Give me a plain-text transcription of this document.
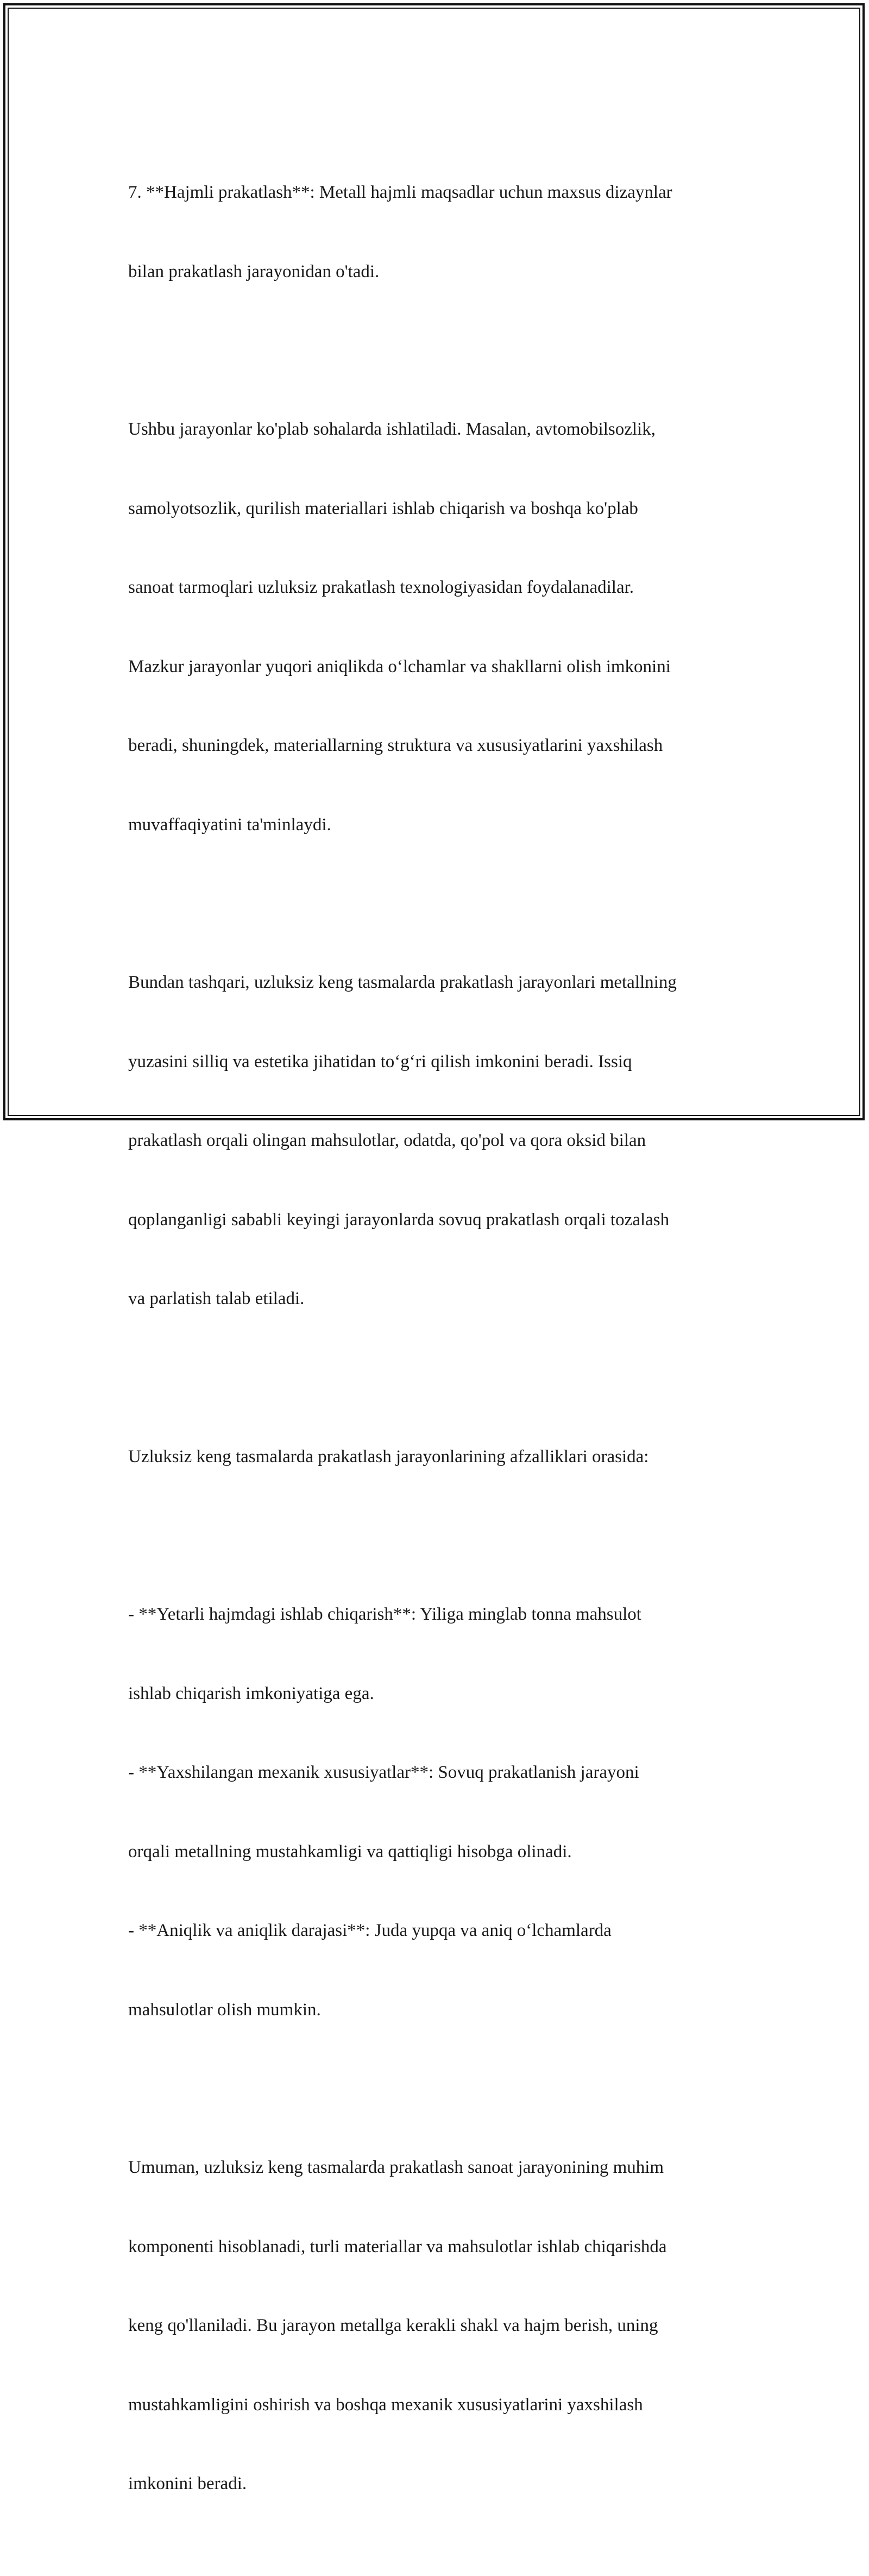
7. **Hajmli prakatlash**: Metall hajmli maqsadlar uchun maxsus dizaynlar

bilan prakatlash jarayonidan o'tadi.

Ushbu jarayonlar ko'plab sohalarda ishlatiladi. Masalan, avtomobilsozlik,

samolyotsozlik, qurilish materiallari ishlab chiqarish va boshqa ko'plab

sanoat tarmoqlari uzluksiz prakatlash texnologiyasidan foydalanadilar.

Mazkur jarayonlar yuqori aniqlikda o‘lchamlar va shakllarni olish imkonini

beradi, shuningdek, materiallarning struktura va xususiyatlarini yaxshilash

muvaffaqiyatini ta'minlaydi.

Bundan tashqari, uzluksiz keng tasmalarda prakatlash jarayonlari metallning

yuzasini silliq va estetika jihatidan to‘g‘ri qilish imkonini beradi. Issiq

prakatlash orqali olingan mahsulotlar, odatda, qo'pol va qora oksid bilan

qoplanganligi sababli keyingi jarayonlarda sovuq prakatlash orqali tozalash

va parlatish talab etiladi.

Uzluksiz keng tasmalarda prakatlash jarayonlarining afzalliklari orasida:

- **Yetarli hajmdagi ishlab chiqarish**: Yiliga minglab tonna mahsulot

ishlab chiqarish imkoniyatiga ega.

- **Yaxshilangan mexanik xususiyatlar**: Sovuq prakatlanish jarayoni

orqali metallning mustahkamligi va qattiqligi hisobga olinadi.

- **Aniqlik va aniqlik darajasi**: Juda yupqa va aniq o‘lchamlarda

mahsulotlar olish mumkin.

Umuman, uzluksiz keng tasmalarda prakatlash sanoat jarayonining muhim

komponenti hisoblanadi, turli materiallar va mahsulotlar ishlab chiqarishda

keng qo'llaniladi. Bu jarayon metallga kerakli shakl va hajm berish, uning

mustahkamligini oshirish va boshqa mexanik xususiyatlarini yaxshilash

imkonini beradi.
